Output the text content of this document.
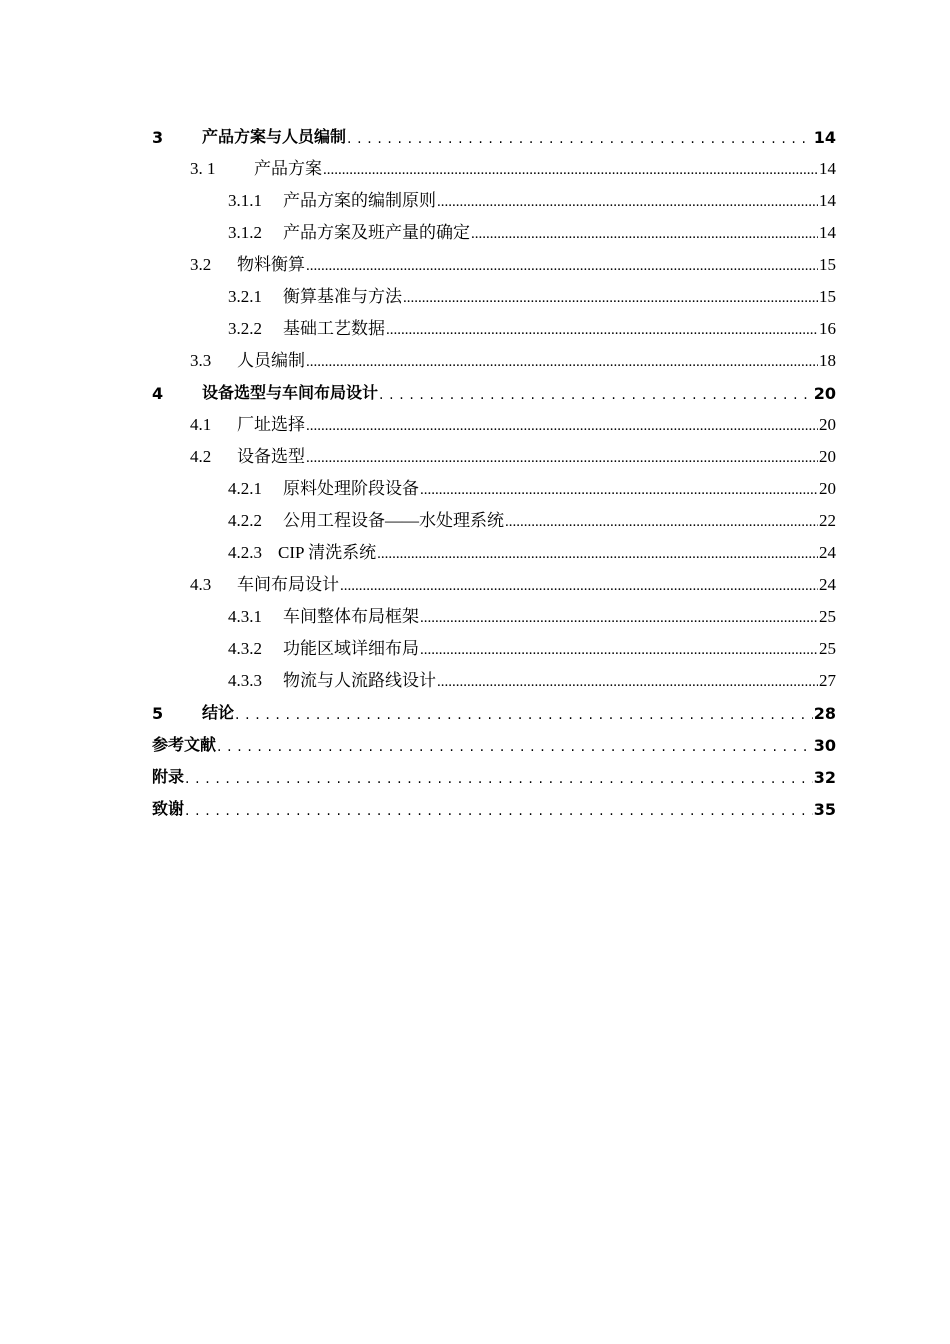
3	产品方案与人员编制 . . .	14
3. 1	产品方案 .....	14
3.1.1	产品方案的编制原则 .....	14
3.1.2	产品方案及班产量的确定 .....	14
3.2	物料衡算 .....	15
3.2.1	衡算基准与方法 .....	15
3.2.2	基础工艺数据 .....	16
3.3	人员编制 .....	18
4	设备选型与车间布局设计 . . .	20
4.1	厂址选择 .....	20
4.2	设备选型 .....	20
4.2.1	原料处理阶段设备 .....	20
4.2.2	公用工程设备——水处理系统 .....	22
4.2.3 CIP 清洗系统 .....	24
4.3	车间布局设计 .....	24
4.3.1	车间整体布局框架 .....	25
4.3.2	功能区域详细布局 .....	25
4.3.3	物流与人流路线设计 .....	27
5	结论 . . .	28
参考文献 . . .	30
附录 . . .	32
致谢 . . .	35
